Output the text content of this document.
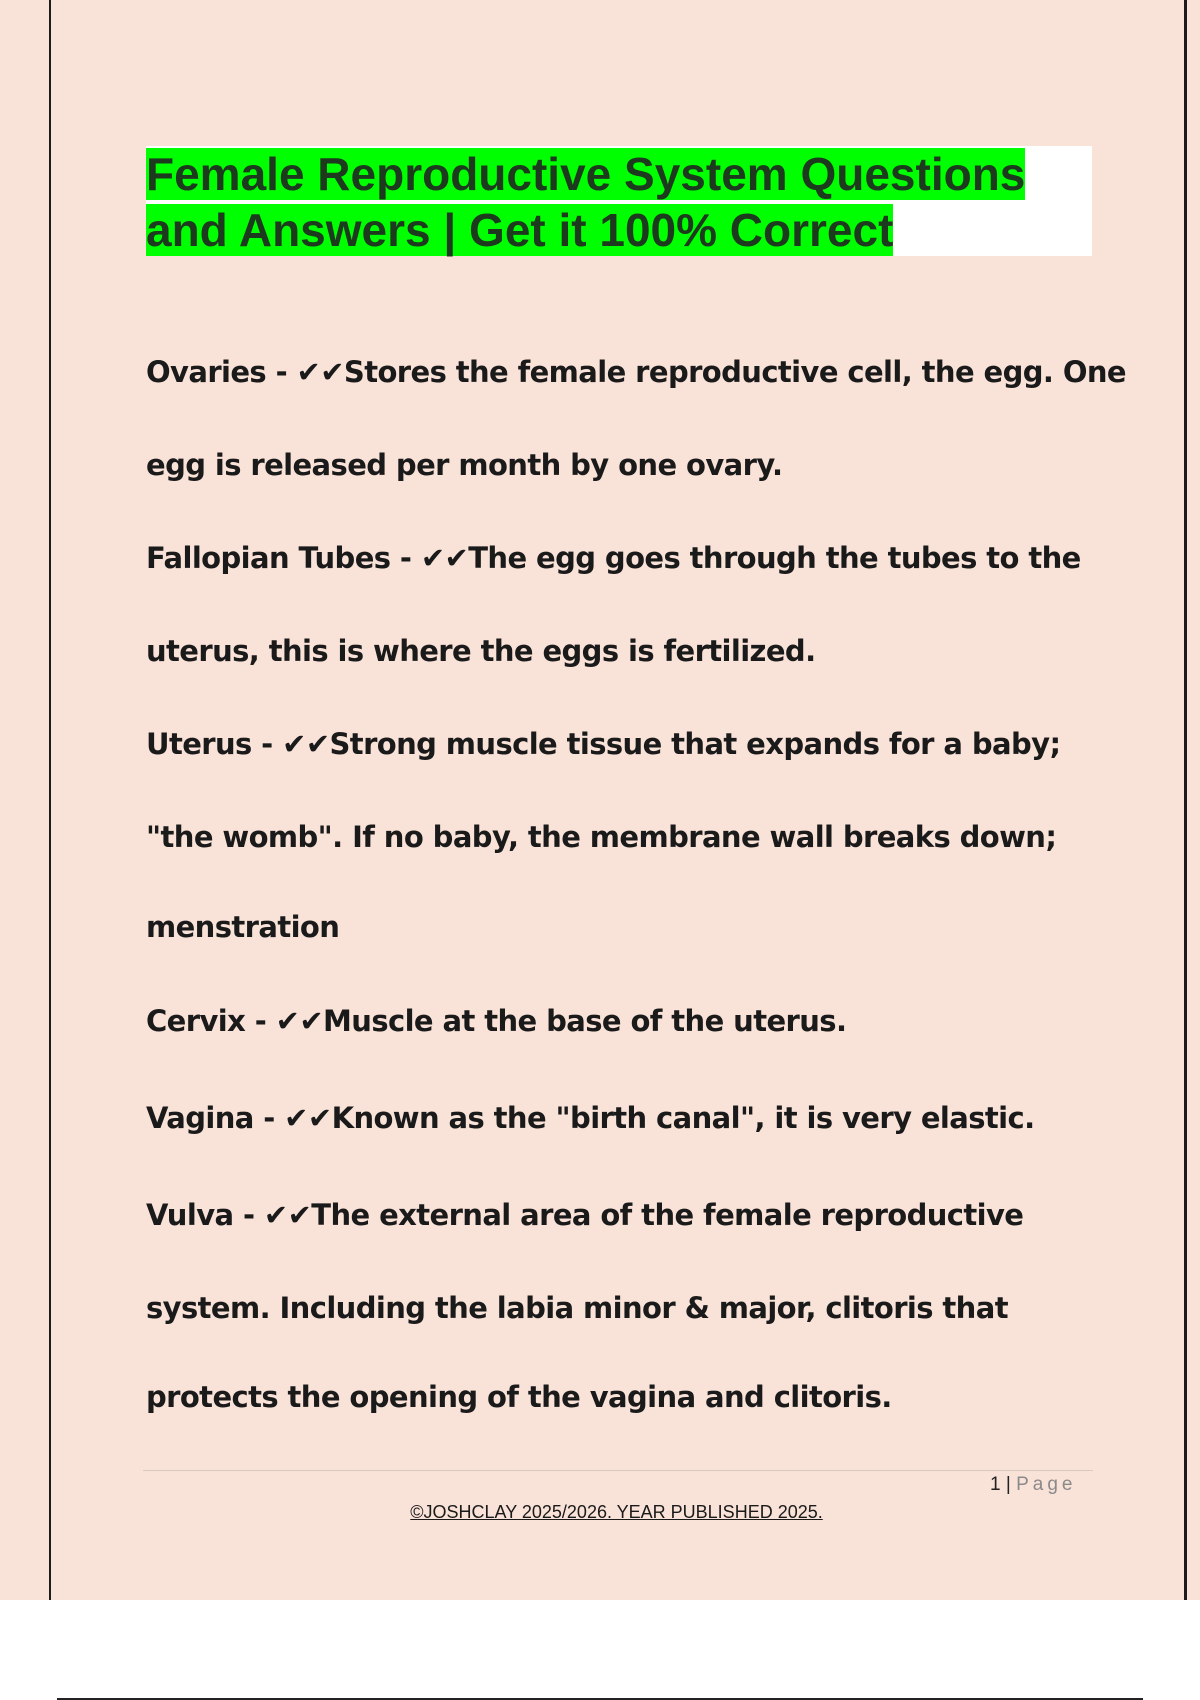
Female Reproductive System Questions
and Answers | Get it 100% Correct
Ovaries - ✔✔Stores the female reproductive cell, the egg. One
egg is released per month by one ovary.
Fallopian Tubes - ✔✔The egg goes through the tubes to the
uterus, this is where the eggs is fertilized.
Uterus - ✔✔Strong muscle tissue that expands for a baby;
"the womb". If no baby, the membrane wall breaks down;
menstration
Cervix - ✔✔Muscle at the base of the uterus.
Vagina - ✔✔Known as the "birth canal", it is very elastic.
Vulva - ✔✔The external area of the female reproductive
system. Including the labia minor & major, clitoris that
protects the opening of the vagina and clitoris.
1 | Page
©JOSHCLAY 2025/2026. YEAR PUBLISHED 2025.
